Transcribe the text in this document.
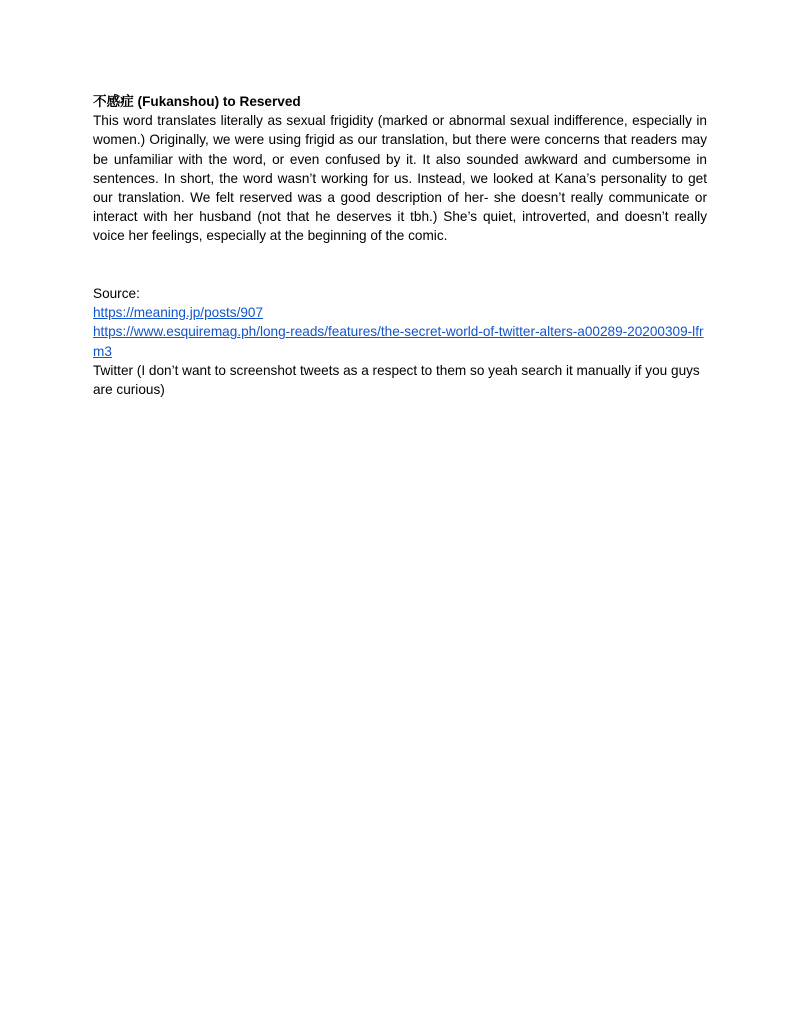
不感症 (Fukanshou) to Reserved
This word translates literally as sexual frigidity (marked or abnormal sexual indifference, especially in women.) Originally, we were using frigid as our translation, but there were concerns that readers may be unfamiliar with the word, or even confused by it. It also sounded awkward and cumbersome in sentences. In short, the word wasn’t working for us. Instead, we looked at Kana’s personality to get our translation. We felt reserved was a good description of her- she doesn’t really communicate or interact with her husband (not that he deserves it tbh.) She’s quiet, introverted, and doesn’t really voice her feelings, especially at the beginning of the comic.
Source:
https://meaning.jp/posts/907
https://www.esquiremag.ph/long-reads/features/the-secret-world-of-twitter-alters-a00289-20200309-lfrm3
Twitter (I don’t want to screenshot tweets as a respect to them so yeah search it manually if you guys are curious)
